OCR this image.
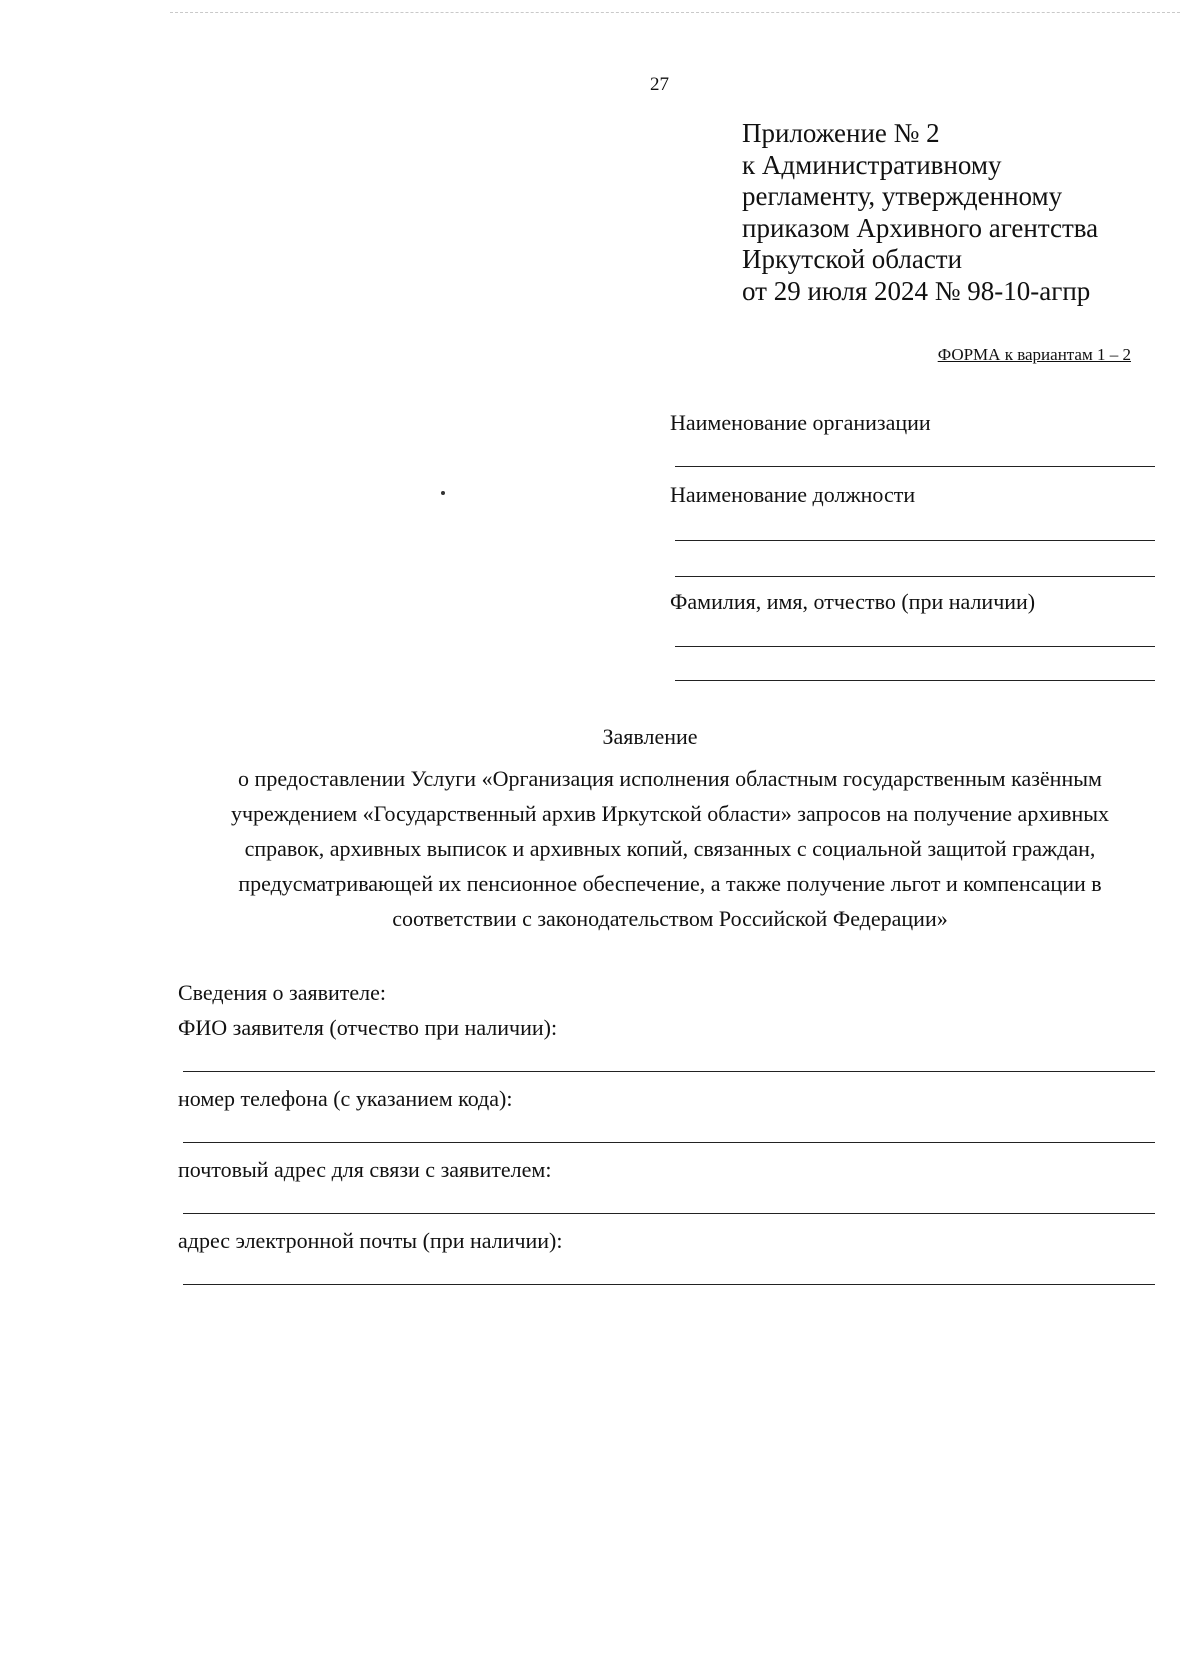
27
Приложение № 2
к Административному
регламенту, утвержденному
приказом Архивного агентства
Иркутской области
от 29 июля 2024 № 98-10-агпр
ФОРМА к вариантам 1 – 2
Наименование организации
Наименование должности
Фамилия, имя, отчество (при наличии)
Заявление
о предоставлении Услуги «Организация исполнения областным государственным казённым
учреждением «Государственный архив Иркутской области» запросов на получение архивных
справок, архивных выписок и архивных копий, связанных с социальной защитой граждан,
предусматривающей их пенсионное обеспечение, а также получение льгот и компенсации в
соответствии с законодательством Российской Федерации»
Сведения о заявителе:
ФИО заявителя (отчество при наличии):
номер телефона (с указанием кода):
почтовый адрес для связи с заявителем:
адрес электронной почты (при наличии):
